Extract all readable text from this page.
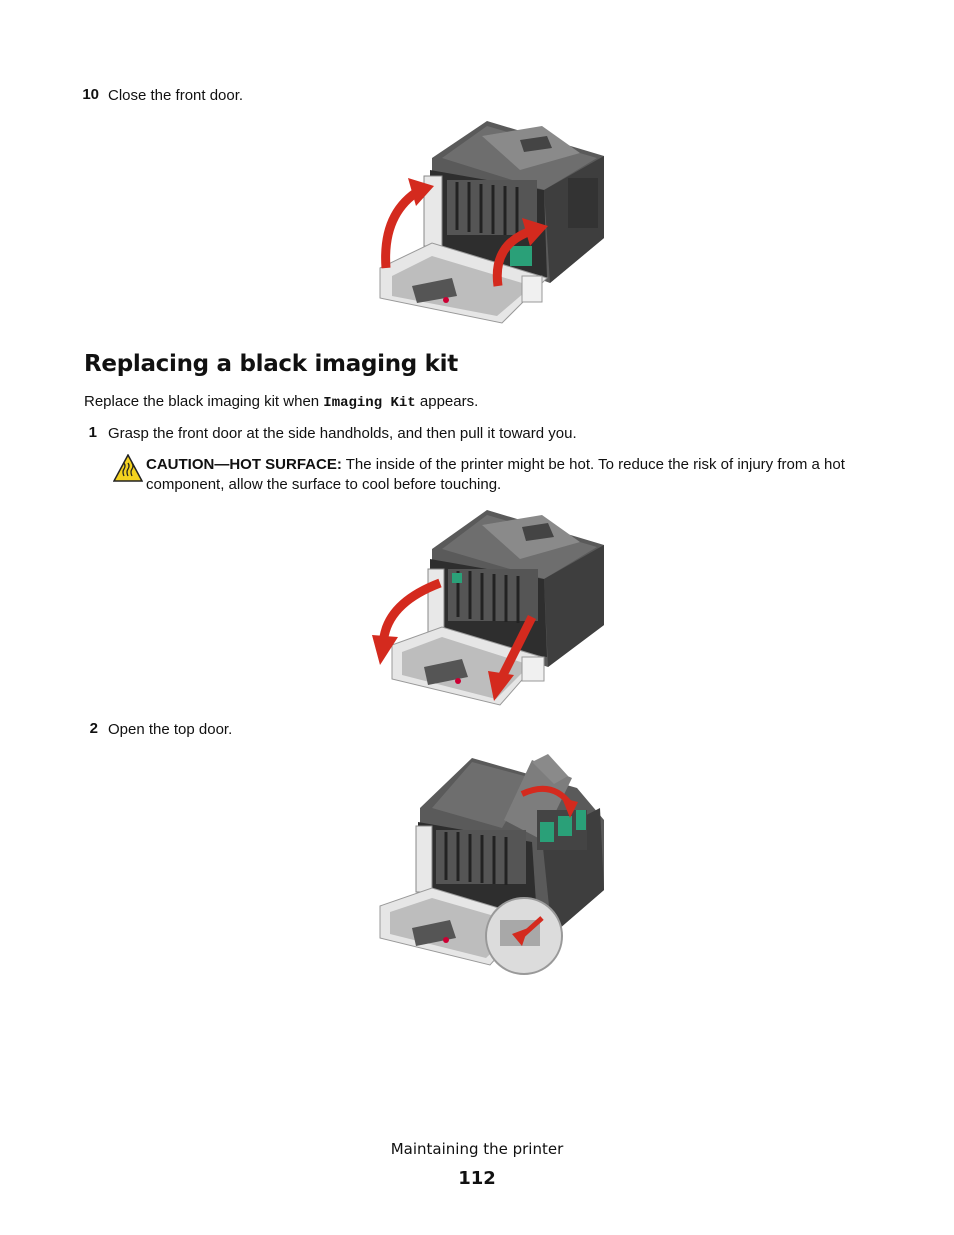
10 Close the front door.
Replacing a black imaging kit
Replace the black imaging kit when Imaging Kit appears.
1 Grasp the front door at the side handholds, and then pull it toward you.
CAUTION—HOT SURFACE: The inside of the printer might be hot. To reduce the risk of injury from a hot component, allow the surface to cool before touching.
2 Open the top door.
Maintaining the printer
112
